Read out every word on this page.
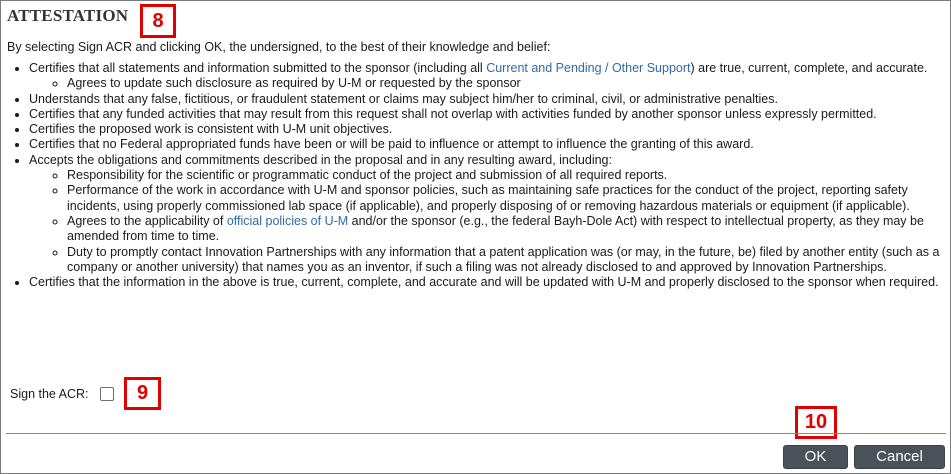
ATTESTATION	8

By selecting Sign ACR and clicking OK, the undersigned, to the best of their knowledge and belief:

• Certifies that all statements and information submitted to the sponsor (including all Current and Pending / Other Support) are true, current, complete, and accurate.
◦ Agrees to update such disclosure as required by U-M or requested by the sponsor
• Understands that any false, fictitious, or fraudulent statement or claims may subject him/her to criminal, civil, or administrative penalties.
• Certifies that any funded activities that may result from this request shall not overlap with activities funded by another sponsor unless expressly permitted.
• Certifies the proposed work is consistent with U-M unit objectives.
• Certifies that no Federal appropriated funds have been or will be paid to influence or attempt to influence the granting of this award.
• Accepts the obligations and commitments described in the proposal and in any resulting award, including:
◦ Responsibility for the scientific or programmatic conduct of the project and submission of all required reports.
◦ Performance of the work in accordance with U-M and sponsor policies, such as maintaining safe practices for the conduct of the project, reporting safety incidents, using properly commissioned lab space (if applicable), and properly disposing of or removing hazardous materials or equipment (if applicable).
◦ Agrees to the applicability of official policies of U-M and/or the sponsor (e.g., the federal Bayh-Dole Act) with respect to intellectual property, as they may be amended from time to time.
◦ Duty to promptly contact Innovation Partnerships with any information that a patent application was (or may, in the future, be) filed by another entity (such as a company or another university) that names you as an inventor, if such a filing was not already disclosed to and approved by Innovation Partnerships.
• Certifies that the information in the above is true, current, complete, and accurate and will be updated with U-M and properly disclosed to the sponsor when required.
Sign the ACR:	9
10
OK	Cancel
